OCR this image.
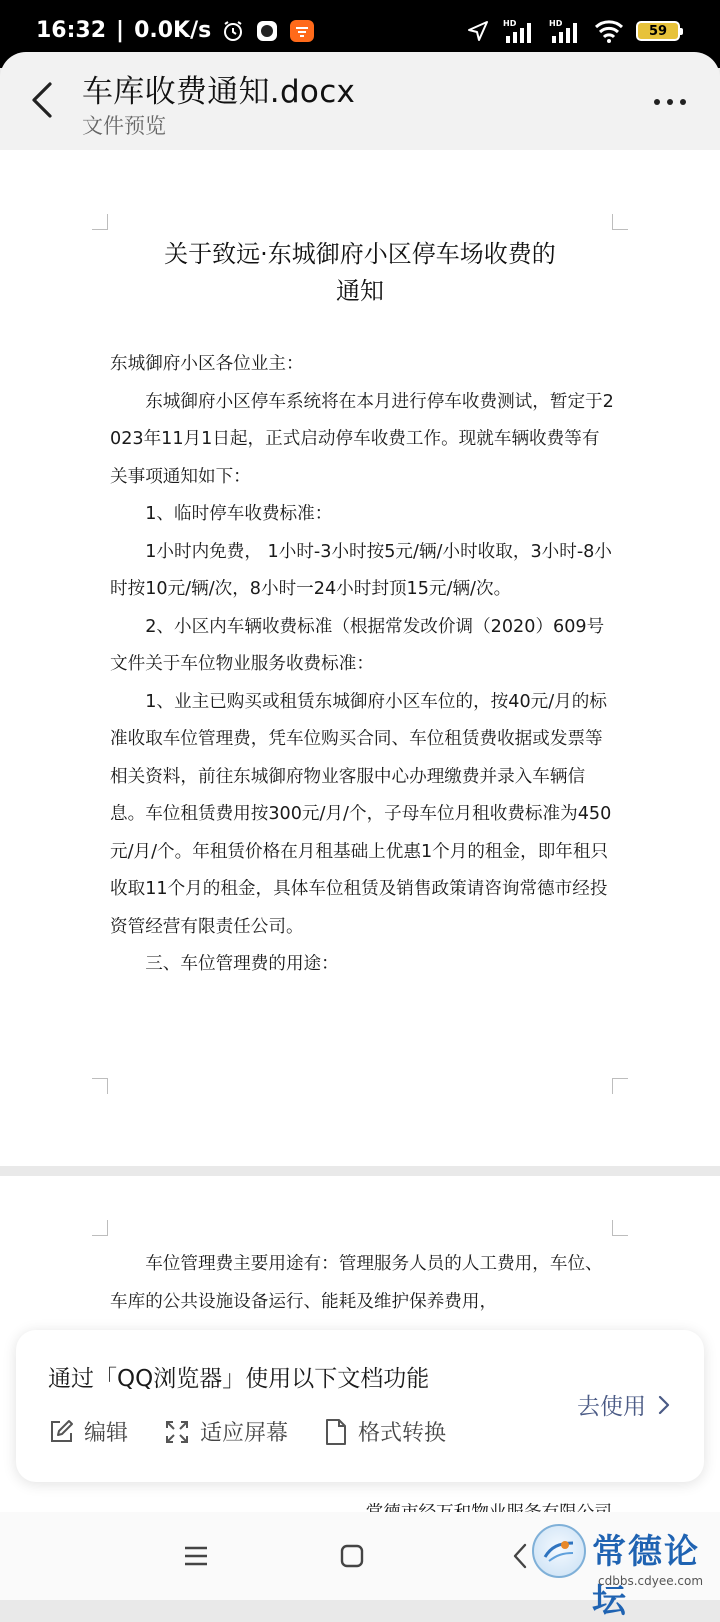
16:32 | 0.0K/s	HD	HD	59
车库收费通知.docx
文件预览
关于致远·东城御府小区停车场收费的
通知

东城御府小区各位业主：

东城御府小区停车系统将在本月进行停车收费测试，暂定于2023年11月1日起，正式启动停车收费工作。现就车辆收费等有关事项通知如下：

1、临时停车收费标准：

1小时内免费， 1小时-3小时按5元/辆/小时收取，3小时-8小时按10元/辆/次，8小时一24小时封顶15元/辆/次。

2、小区内车辆收费标准（根据常发改价调（2020）609号文件关于车位物业服务收费标准：

1、业主已购买或租赁东城御府小区车位的，按40元/月的标准收取车位管理费，凭车位购买合同、车位租赁费收据或发票等相关资料，前往东城御府物业客服中心办理缴费并录入车辆信息。车位租赁费用按300元/月/个，子母车位月租收费标准为450元/月/个。年租赁价格在月租基础上优惠1个月的租金，即年租只收取11个月的租金，具体车位租赁及销售政策请咨询常德市经投资管经营有限责任公司。

三、车位管理费的用途：

车位管理费主要用途有：管理服务人员的人工费用，车位、车库的公共设施设备运行、能耗及维护保养费用，

通过「QQ浏览器」使用以下文档功能
编辑	适应屏幕	格式转换
去使用
常德论坛
cdbbs.cdyee.com
